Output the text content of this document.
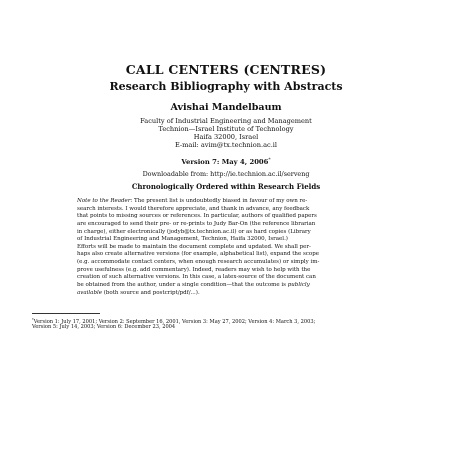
CALL CENTERS (CENTRES)
Research Bibliography with Abstracts
Avishai Mandelbaum
Faculty of Industrial Engineering and Management
Technion—Israel Institute of Technology
Haifa 32000, Israel
E-mail: avim@tx.technion.ac.il
Version 7: May 4, 2006*
Downloadable from: http://ie.technion.ac.il/serveng
Chronologically Ordered within Research Fields
Note to the Reader: The present list is undoubtedly biased in favour of my own re-
search interests. I would therefore appreciate, and thank in advance, any feedback
that points to missing sources or references. In particular, authors of qualified papers
are encouraged to send their pre- or re-prints to Judy Bar-On (the reference librarian
in charge), either electronically (jodyb@tx.technion.ac.il) or as hard copies (Library
of Industrial Engineering and Management, Technion, Haifa 32000, Israel.)
Efforts will be made to maintain the document complete and updated. We shall per-
haps also create alternative versions (for example, alphabetical list), expand the scope
(e.g. accommodate contact centers, when enough research accumulates) or simply im-
prove usefulness (e.g. add commentary). Indeed, readers may wish to help with the
creation of such alternative versions. In this case, a latex-source of the document can
be obtained from the author, under a single condition—that the outcome is publicly
available (both source and postcript/pdf/...).
*Version 1: July 17, 2001; Version 2: September 16, 2001, Version 3: May 27, 2002; Version 4: March 3, 2003;
Version 5: July 14, 2003; Version 6: December 23, 2004
